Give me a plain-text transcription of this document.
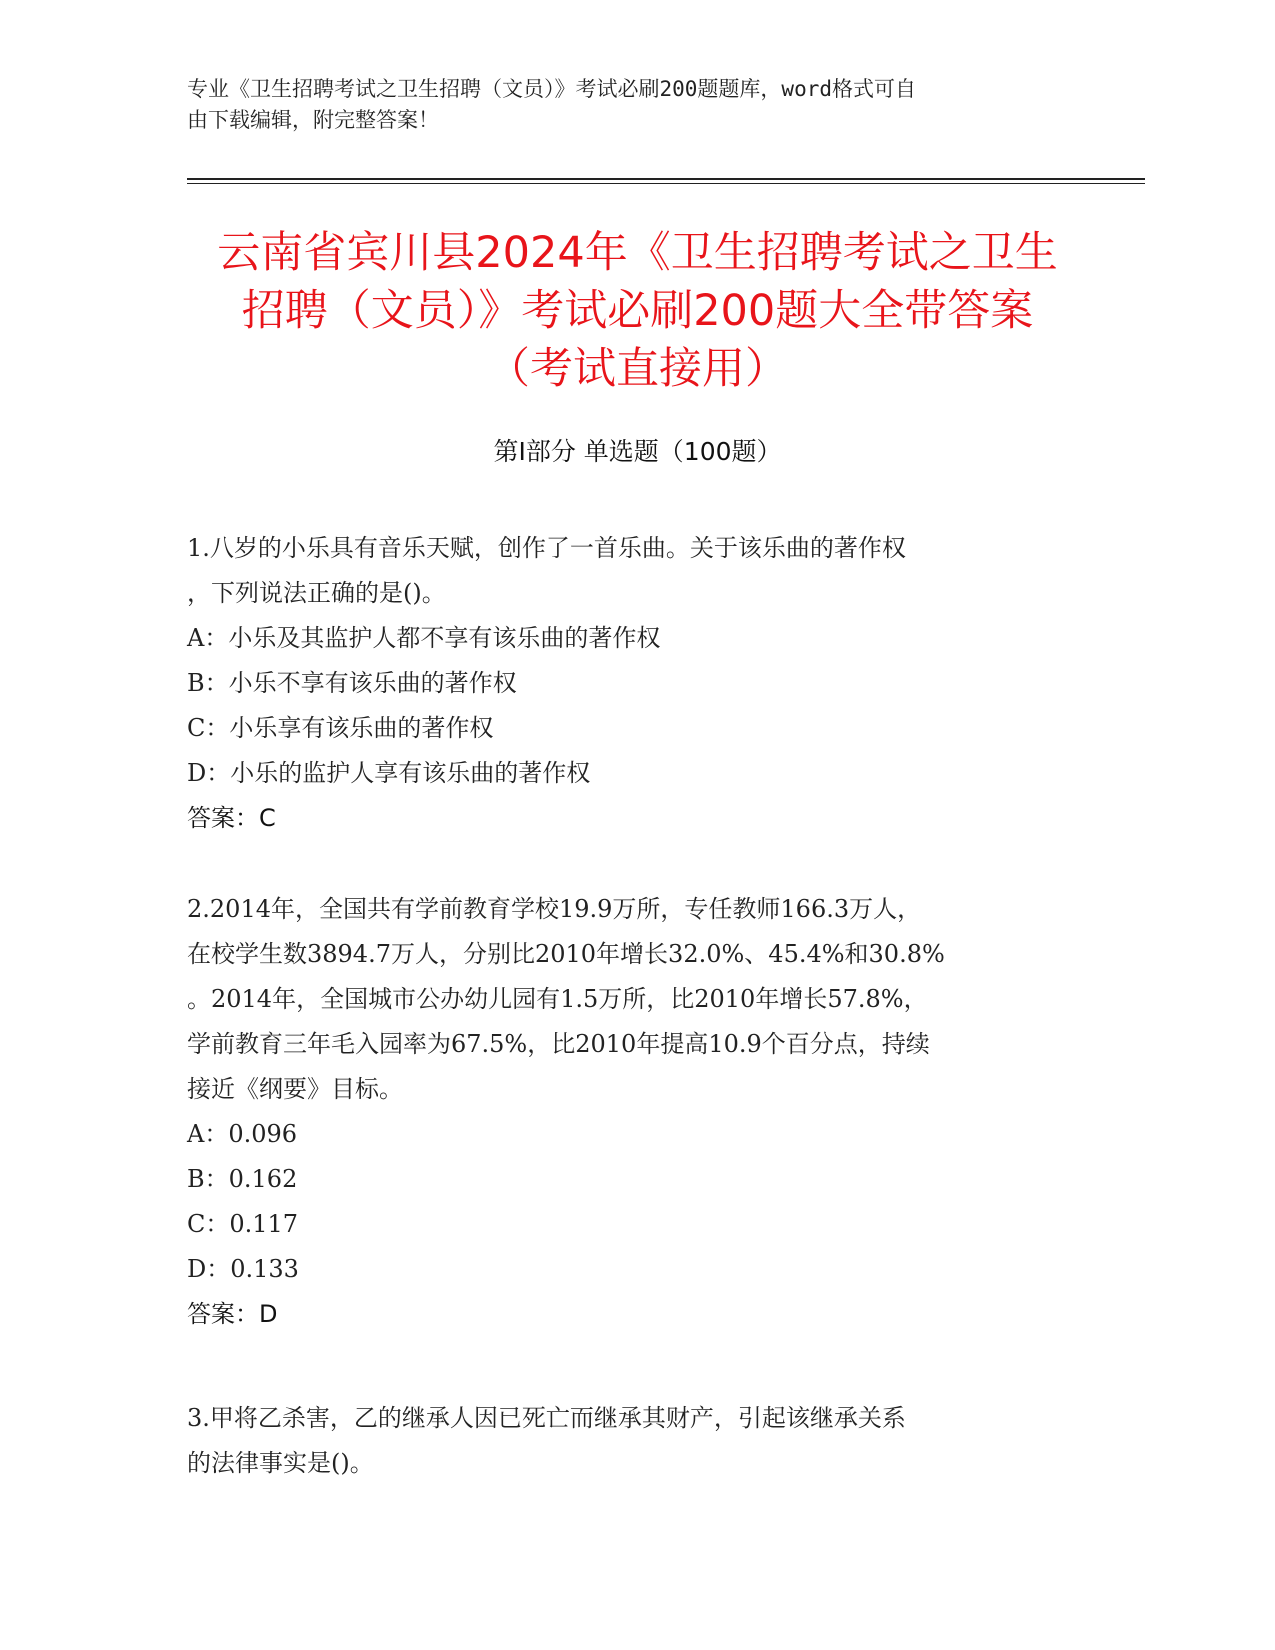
专业《卫生招聘考试之卫生招聘（文员）》考试必刷200题题库，word格式可自
由下载编辑，附完整答案！
云南省宾川县2024年《卫生招聘考试之卫生
招聘（文员）》考试必刷200题大全带答案
（考试直接用）
第Ⅰ部分 单选题（100题）
1.八岁的小乐具有音乐天赋，创作了一首乐曲。关于该乐曲的著作权
，下列说法正确的是()。
A：小乐及其监护人都不享有该乐曲的著作权
B：小乐不享有该乐曲的著作权
C：小乐享有该乐曲的著作权
D：小乐的监护人享有该乐曲的著作权
答案：C
2.2014年，全国共有学前教育学校19.9万所，专任教师166.3万人，
在校学生数3894.7万人，分别比2010年增长32.0%、45.4%和30.8%
。2014年，全国城市公办幼儿园有1.5万所，比2010年增长57.8%，
学前教育三年毛入园率为67.5%，比2010年提高10.9个百分点，持续
接近《纲要》目标。
A：0.096
B：0.162
C：0.117
D：0.133
答案：D
3.甲将乙杀害，乙的继承人因已死亡而继承其财产，引起该继承关系
的法律事实是()。
